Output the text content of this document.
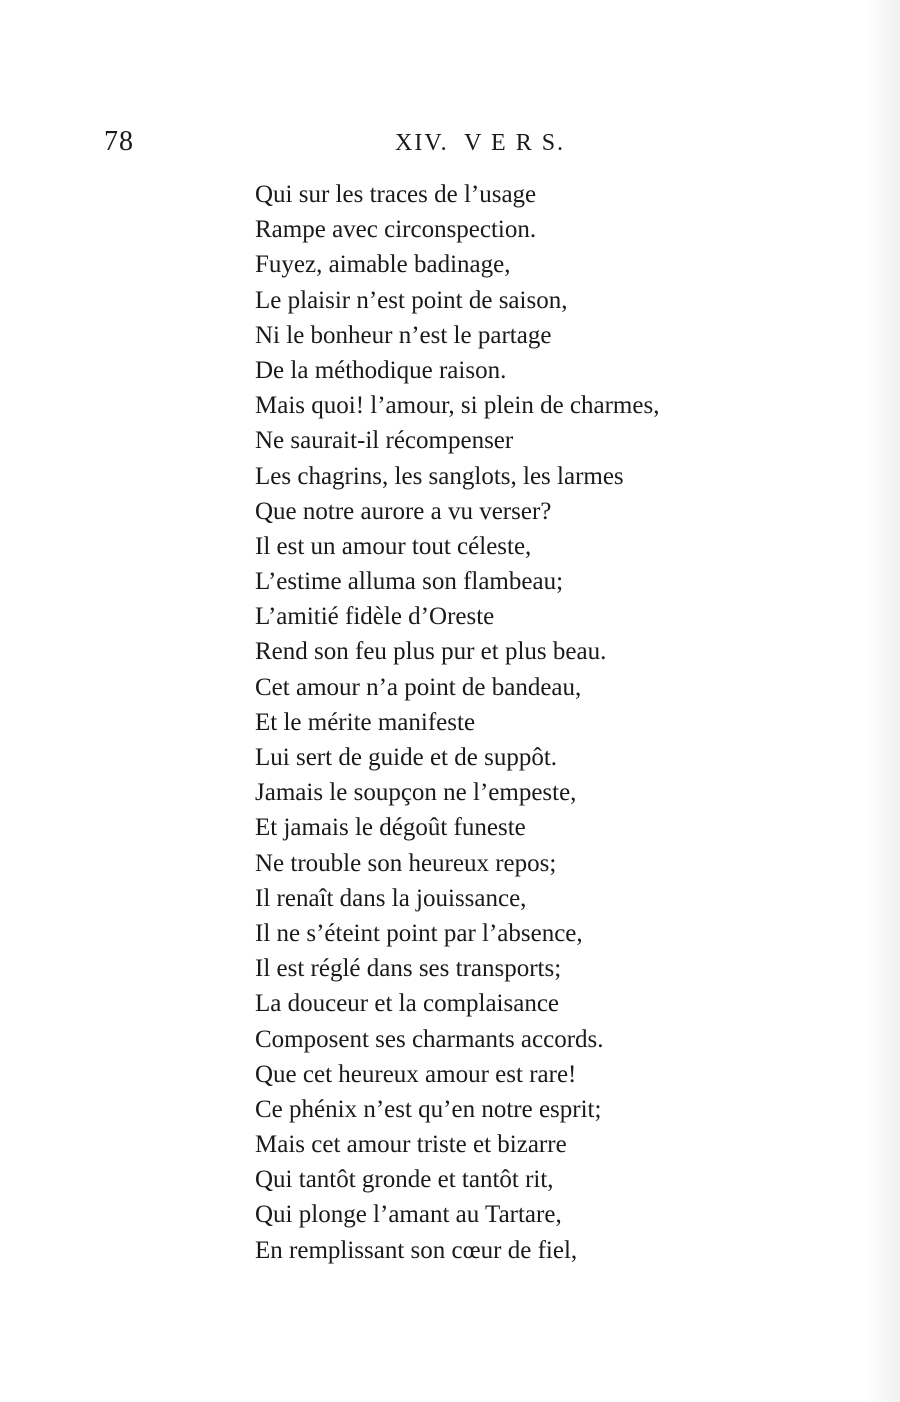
78	XIV.  V E R S.
Qui sur les traces de l’usage
Rampe avec circonspection.
Fuyez, aimable badinage,
Le plaisir n’est point de saison,
Ni le bonheur n’est le partage
De la méthodique raison.
Mais quoi! l’amour, si plein de charmes,
Ne saurait-il récompenser
Les chagrins, les sanglots, les larmes
Que notre aurore a vu verser?
Il est un amour tout céleste,
L’estime alluma son flambeau;
L’amitié fidèle d’Oreste
Rend son feu plus pur et plus beau.
Cet amour n’a point de bandeau,
Et le mérite manifeste
Lui sert de guide et de suppôt.
Jamais le soupçon ne l’empeste,
Et jamais le dégoût funeste
Ne trouble son heureux repos;
Il renaît dans la jouissance,
Il ne s’éteint point par l’absence,
Il est réglé dans ses transports;
La douceur et la complaisance
Composent ses charmants accords.
Que cet heureux amour est rare!
Ce phénix n’est qu’en notre esprit;
Mais cet amour triste et bizarre
Qui tantôt gronde et tantôt rit,
Qui plonge l’amant au Tartare,
En remplissant son cœur de fiel,
